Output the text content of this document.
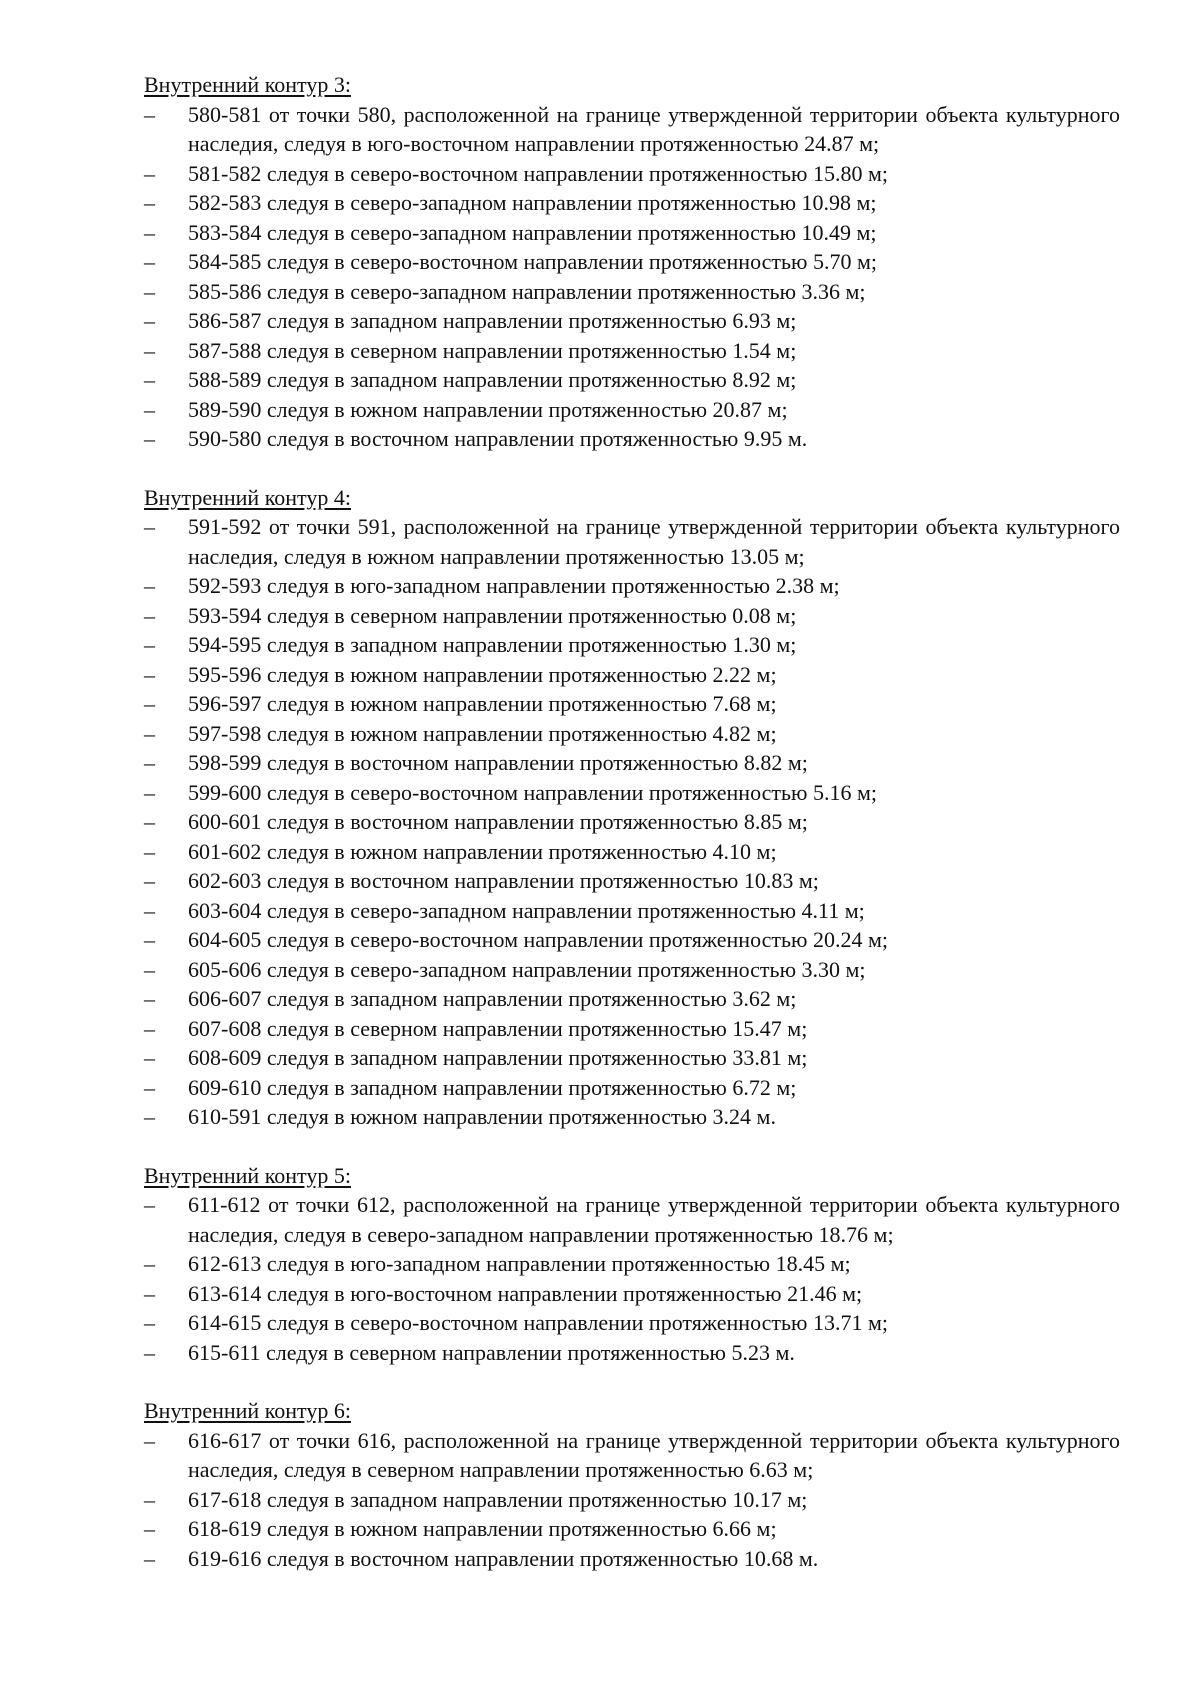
Внутренний контур 3:
– 580-581 от точки 580, расположенной на границе утвержденной территории объекта культурного наследия, следуя в юго-восточном направлении протяженностью 24.87 м;
– 581-582 следуя в северо-восточном направлении протяженностью 15.80 м;
– 582-583 следуя в северо-западном направлении протяженностью 10.98 м;
– 583-584 следуя в северо-западном направлении протяженностью 10.49 м;
– 584-585 следуя в северо-восточном направлении протяженностью 5.70 м;
– 585-586 следуя в северо-западном направлении протяженностью 3.36 м;
– 586-587 следуя в западном направлении протяженностью 6.93 м;
– 587-588 следуя в северном направлении протяженностью 1.54 м;
– 588-589 следуя в западном направлении протяженностью 8.92 м;
– 589-590 следуя в южном направлении протяженностью 20.87 м;
– 590-580 следуя в восточном направлении протяженностью 9.95 м.
Внутренний контур 4:
– 591-592 от точки 591, расположенной на границе утвержденной территории объекта культурного наследия, следуя в южном направлении протяженностью 13.05 м;
– 592-593 следуя в юго-западном направлении протяженностью 2.38 м;
– 593-594 следуя в северном направлении протяженностью 0.08 м;
– 594-595 следуя в западном направлении протяженностью 1.30 м;
– 595-596 следуя в южном направлении протяженностью 2.22 м;
– 596-597 следуя в южном направлении протяженностью 7.68 м;
– 597-598 следуя в южном направлении протяженностью 4.82 м;
– 598-599 следуя в восточном направлении протяженностью 8.82 м;
– 599-600 следуя в северо-восточном направлении протяженностью 5.16 м;
– 600-601 следуя в восточном направлении протяженностью 8.85 м;
– 601-602 следуя в южном направлении протяженностью 4.10 м;
– 602-603 следуя в восточном направлении протяженностью 10.83 м;
– 603-604 следуя в северо-западном направлении протяженностью 4.11 м;
– 604-605 следуя в северо-восточном направлении протяженностью 20.24 м;
– 605-606 следуя в северо-западном направлении протяженностью 3.30 м;
– 606-607 следуя в западном направлении протяженностью 3.62 м;
– 607-608 следуя в северном направлении протяженностью 15.47 м;
– 608-609 следуя в западном направлении протяженностью 33.81 м;
– 609-610 следуя в западном направлении протяженностью 6.72 м;
– 610-591 следуя в южном направлении протяженностью 3.24 м.
Внутренний контур 5:
– 611-612 от точки 612, расположенной на границе утвержденной территории объекта культурного наследия, следуя в северо-западном направлении протяженностью 18.76 м;
– 612-613 следуя в юго-западном направлении протяженностью 18.45 м;
– 613-614 следуя в юго-восточном направлении протяженностью 21.46 м;
– 614-615 следуя в северо-восточном направлении протяженностью 13.71 м;
– 615-611 следуя в северном направлении протяженностью 5.23 м.
Внутренний контур 6:
– 616-617 от точки 616, расположенной на границе утвержденной территории объекта культурного наследия, следуя в северном направлении протяженностью 6.63 м;
– 617-618 следуя в западном направлении протяженностью 10.17 м;
– 618-619 следуя в южном направлении протяженностью 6.66 м;
– 619-616 следуя в восточном направлении протяженностью 10.68 м.
